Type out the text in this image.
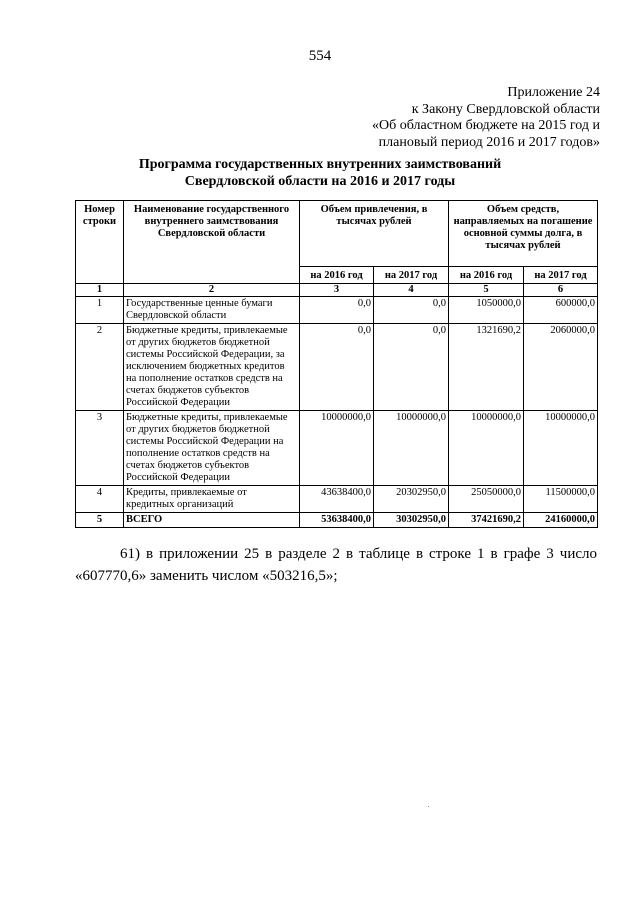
554
Приложение 24
к Закону Свердловской области
«Об областном бюджете на 2015 год и
плановый период 2016 и 2017 годов»
Программа государственных внутренних заимствований
Свердловской области на 2016 и 2017 годы
Номер строки	Наименование государственного внутреннего заимствования Свердловской области	Объем привлечения, в тысячах рублей		Объем средств, направляемых на погашение основной суммы долга, в тысячах рублей	
		на 2016 год	на 2017 год	на 2016 год	на 2017 год
1	2	3	4	5	6
1	Государственные ценные бумаги Свердловской области	0,0	0,0	1050000,0	600000,0
2	Бюджетные кредиты, привлекаемые от других бюджетов бюджетной системы Российской Федерации, за исключением бюджетных кредитов на пополнение остатков средств на счетах бюджетов субъектов Российской Федерации	0,0	0,0	1321690,2	2060000,0
3	Бюджетные кредиты, привлекаемые от других бюджетов бюджетной системы Российской Федерации на пополнение остатков средств на счетах бюджетов субъектов Российской Федерации	10000000,0	10000000,0	10000000,0	10000000,0
4	Кредиты, привлекаемые от кредитных организаций	43638400,0	20302950,0	25050000,0	11500000,0
5	ВСЕГО	53638400,0	30302950,0	37421690,2	24160000,0
61) в приложении 25 в разделе 2 в таблице в строке 1 в графе 3 число «607770,6» заменить числом «503216,5»;
